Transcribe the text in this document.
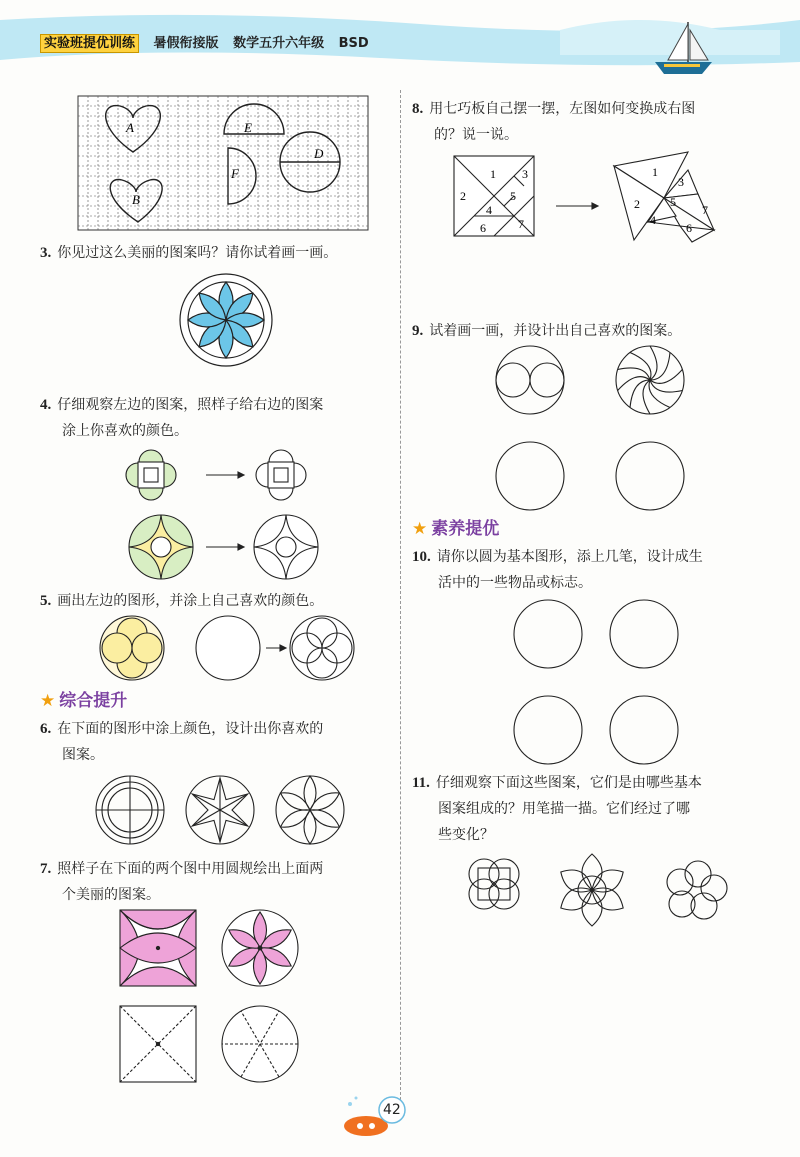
实验班提优训练 暑假衔接版 数学五升六年级 BSD
A	E
D
F
B
3. 你见过这么美丽的图案吗？请你试着画一画。
4. 仔细观察左边的图案，照样子给右边的图案
涂上你喜欢的颜色。
5. 画出左边的图形，并涂上自己喜欢的颜色。
★ 综合提升
6. 在下面的图形中涂上颜色，设计出你喜欢的
图案。
7. 照样子在下面的两个图中用圆规绘出上面两
个美丽的图案。
8. 用七巧板自己摆一摆，左图如何变换成右图
的？说一说。
1
2
3
4
5
6	7
1
2
3
4
5
6
7
9. 试着画一画，并设计出自己喜欢的图案。
★ 素养提优
10. 请你以圆为基本图形，添上几笔，设计成生
活中的一些物品或标志。
11. 仔细观察下面这些图案，它们是由哪些基本
图案组成的？用笔描一描。它们经过了哪
些变化？
42
